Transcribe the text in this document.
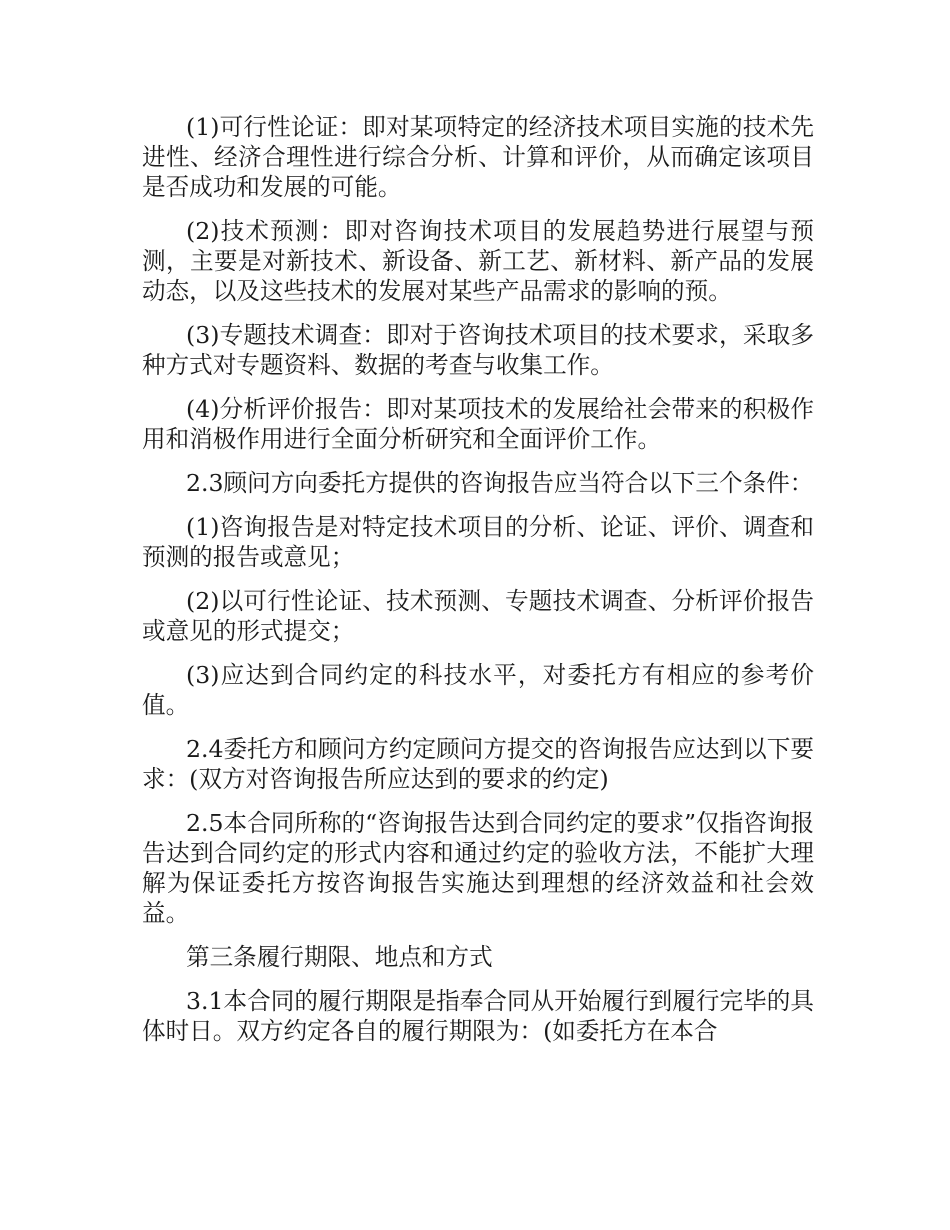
(1)可行性论证：即对某项特定的经济技术项目实施的技术先进性、经济合理性进行综合分析、计算和评价，从而确定该项目是否成功和发展的可能。

(2)技术预测：即对咨询技术项目的发展趋势进行展望与预测，主要是对新技术、新设备、新工艺、新材料、新产品的发展动态，以及这些技术的发展对某些产品需求的影响的预。

(3)专题技术调查：即对于咨询技术项目的技术要求，采取多种方式对专题资料、数据的考查与收集工作。

(4)分析评价报告：即对某项技术的发展给社会带来的积极作用和消极作用进行全面分析研究和全面评价工作。

2.3顾问方向委托方提供的咨询报告应当符合以下三个条件：

(1)咨询报告是对特定技术项目的分析、论证、评价、调查和预测的报告或意见；

(2)以可行性论证、技术预测、专题技术调查、分析评价报告或意见的形式提交；

(3)应达到合同约定的科技水平，对委托方有相应的参考价值。

2.4委托方和顾问方约定顾问方提交的咨询报告应达到以下要求：(双方对咨询报告所应达到的要求的约定)

2.5本合同所称的“咨询报告达到合同约定的要求”仅指咨询报告达到合同约定的形式内容和通过约定的验收方法，不能扩大理解为保证委托方按咨询报告实施达到理想的经济效益和社会效益。

第三条履行期限、地点和方式

3.1本合同的履行期限是指奉合同从开始履行到履行完毕的具体时日。双方约定各自的履行期限为：(如委托方在本合
